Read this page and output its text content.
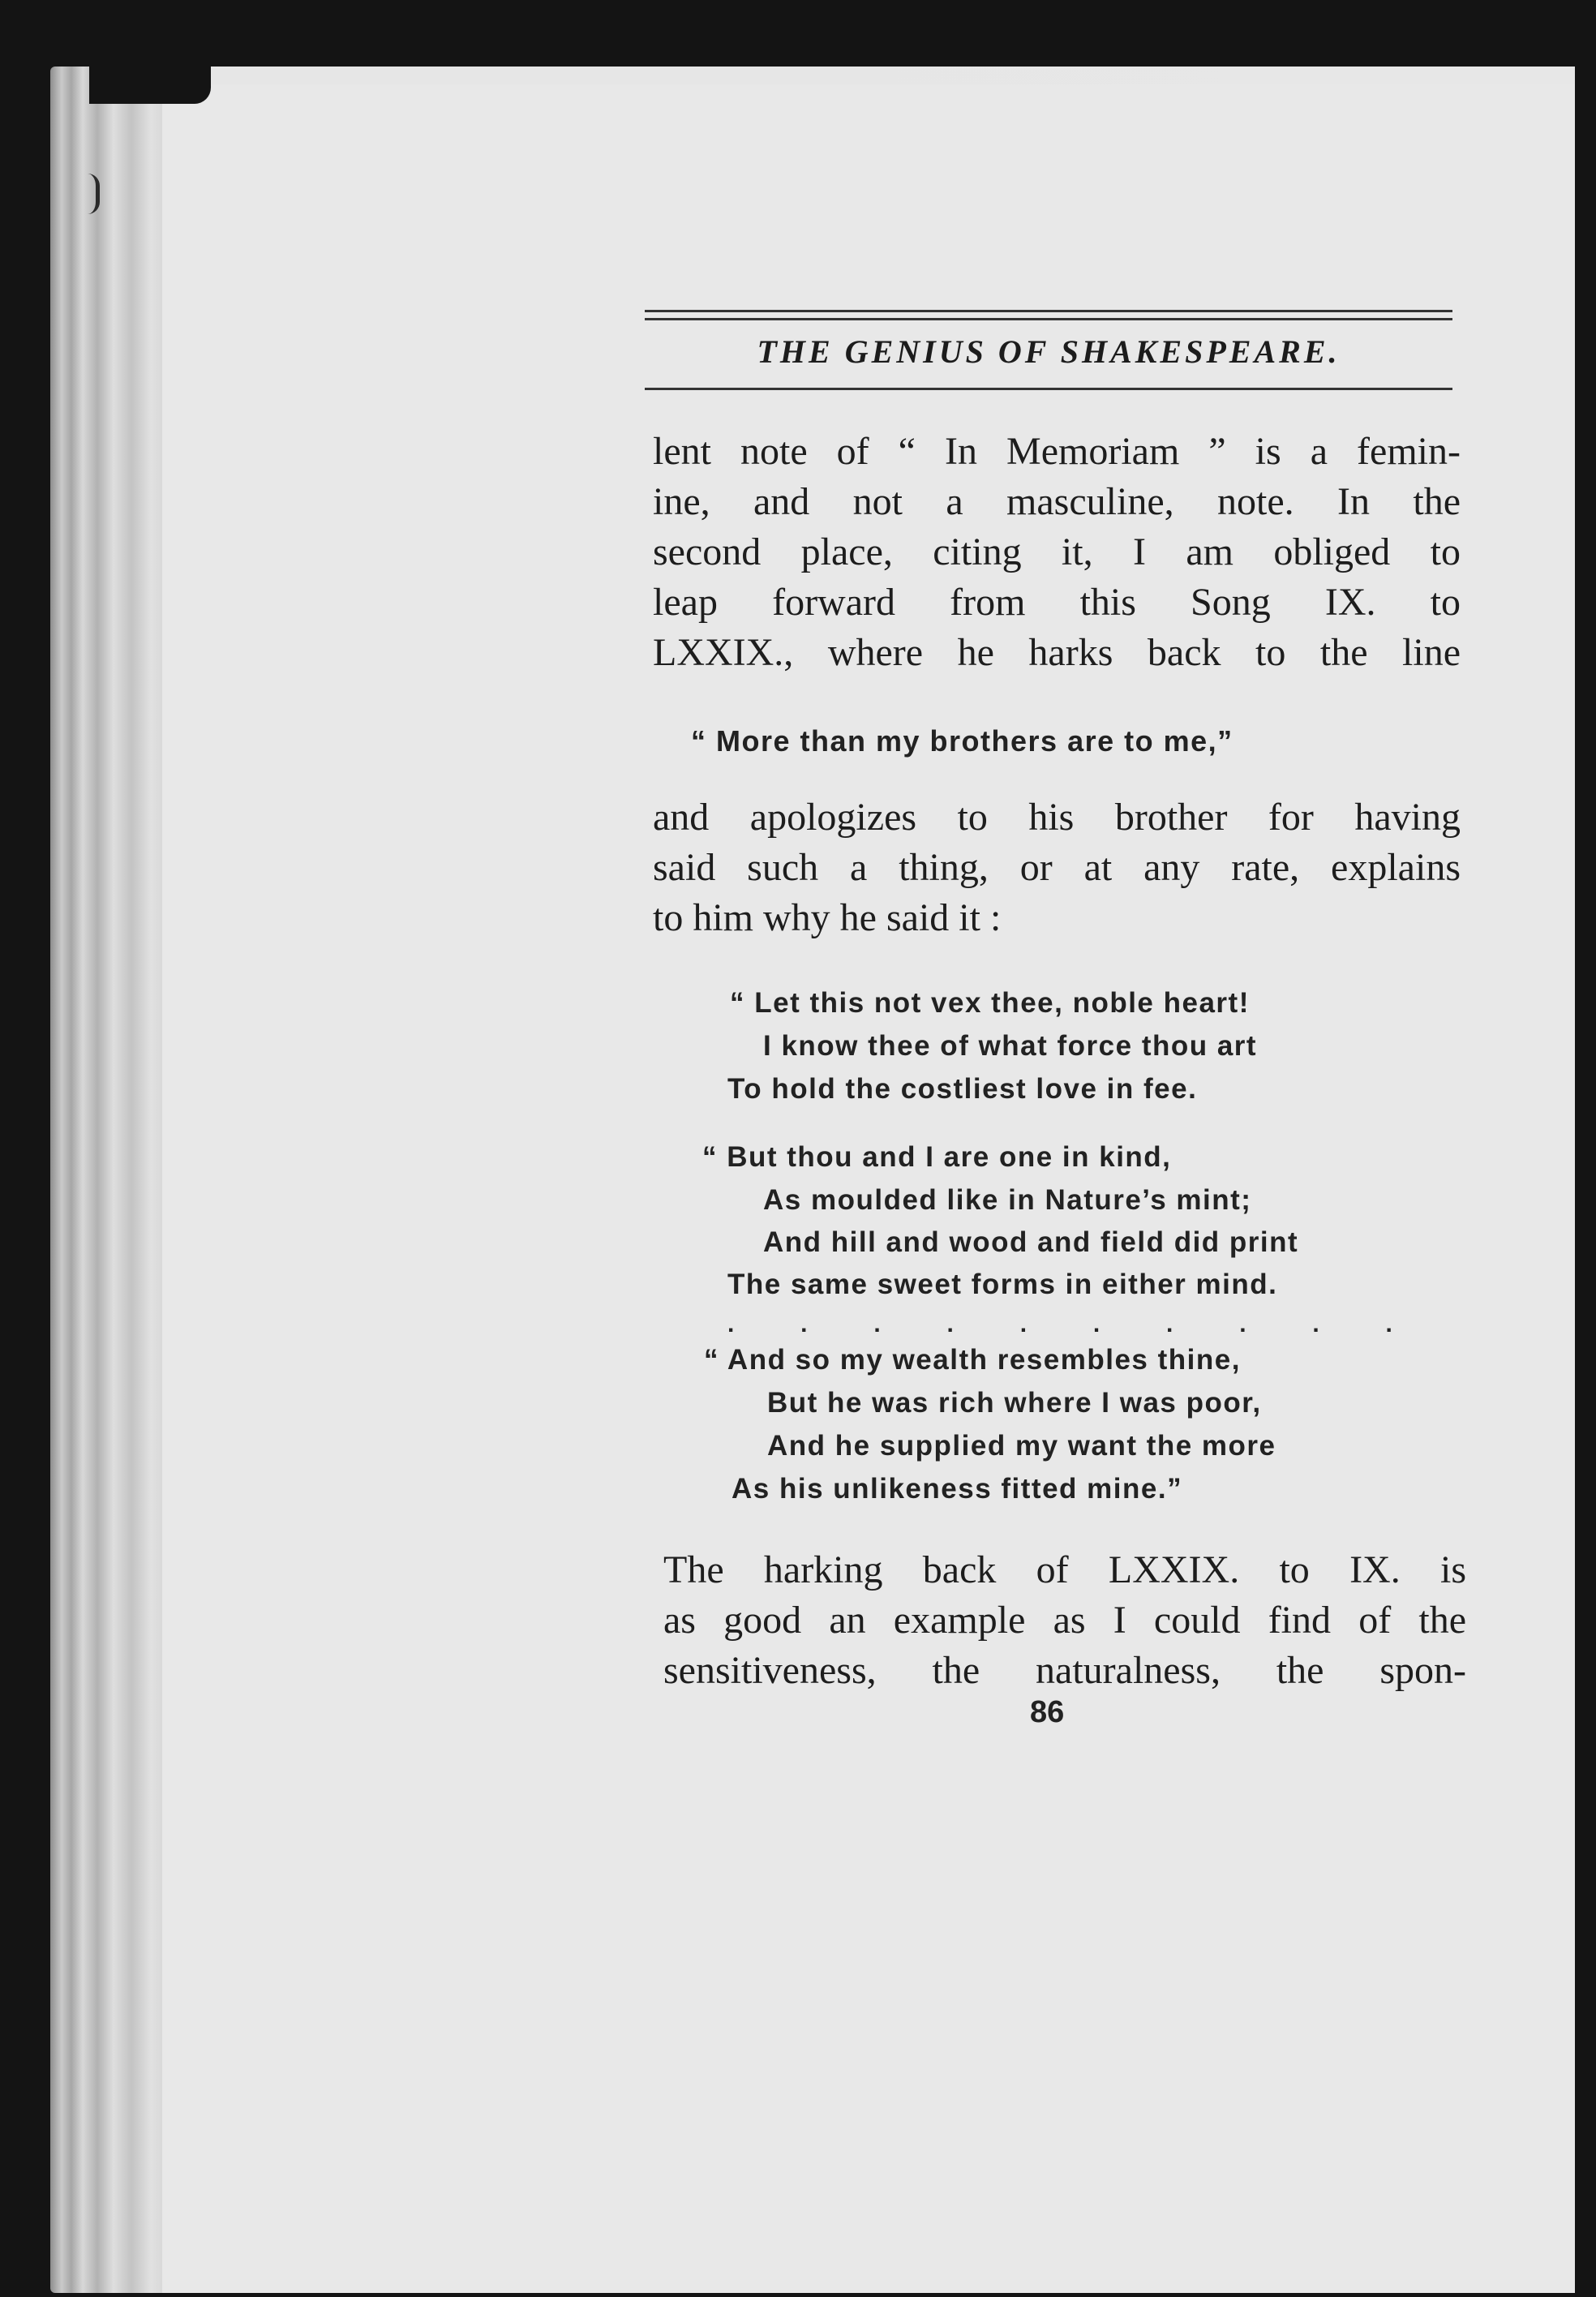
THE GENIUS OF SHAKESPEARE.
lent note of “ In Memoriam ” is a femin-
ine, and not a masculine, note. In the
second place, citing it, I am obliged to
leap forward from this Song IX. to
LXXIX., where he harks back to the line
“ More than my brothers are to me,”
and apologizes to his brother for having
said such a thing, or at any rate, explains
to him why he said it :
“ Let this not vex thee, noble heart!
I know thee of what force thou art
To hold the costliest love in fee.
“ But thou and I are one in kind,
As moulded like in Nature’s mint;
And hill and wood and field did print
The same sweet forms in either mind.
.	.	.	.	.	.	.	.	.	.
“ And so my wealth resembles thine,
But he was rich where I was poor,
And he supplied my want the more
As his unlikeness fitted mine.”
The harking back of LXXIX. to IX. is
as good an example as I could find of the
sensitiveness, the naturalness, the spon-
86
